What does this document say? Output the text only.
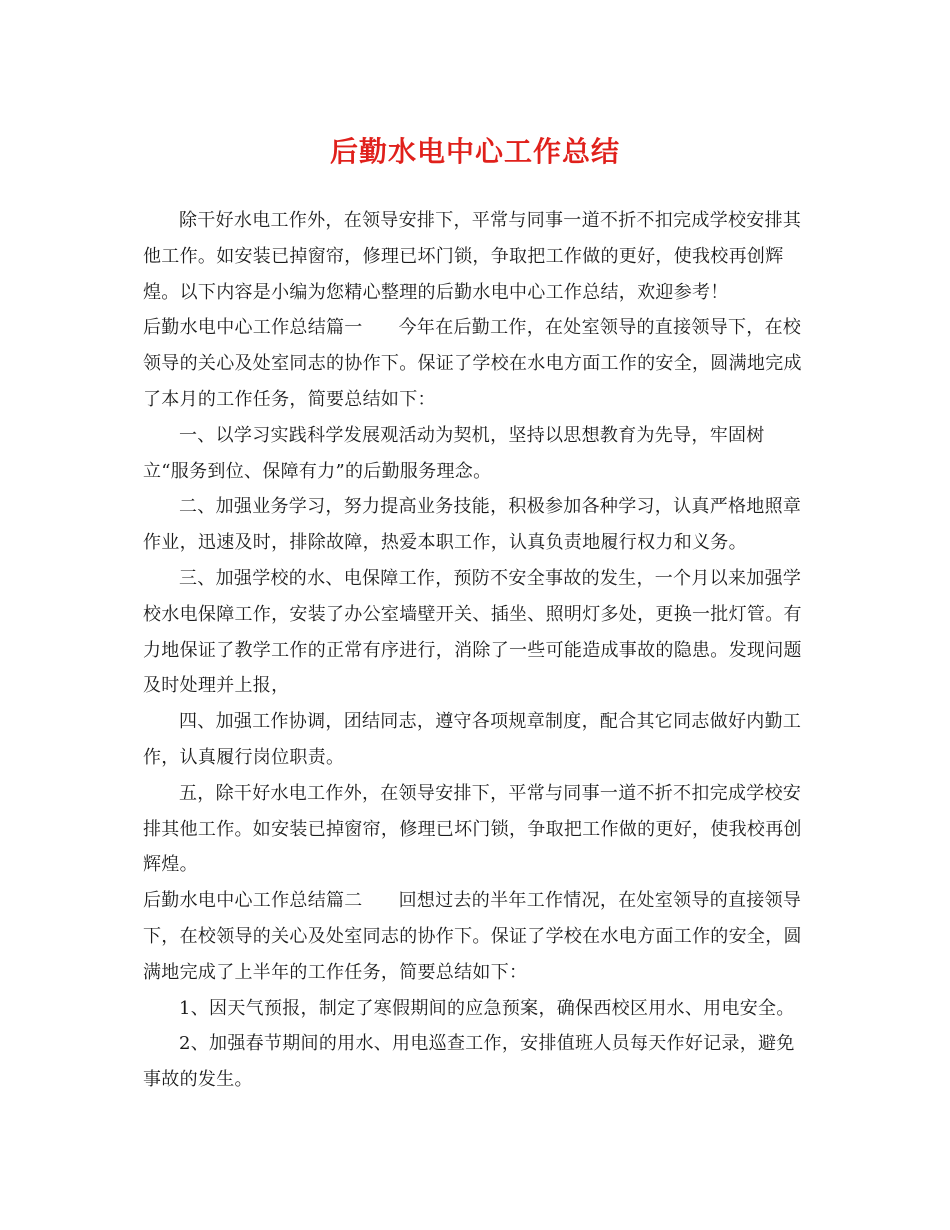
后勤水电中心工作总结

除干好水电工作外，在领导安排下，平常与同事一道不折不扣完成学校安排其他工作。如安装已掉窗帘，修理已坏门锁，争取把工作做的更好，使我校再创辉煌。以下内容是小编为您精心整理的后勤水电中心工作总结，欢迎参考！

后勤水电中心工作总结篇一 今年在后勤工作，在处室领导的直接领导下，在校领导的关心及处室同志的协作下。保证了学校在水电方面工作的安全，圆满地完成了本月的工作任务，简要总结如下：

一、以学习实践科学发展观活动为契机，坚持以思想教育为先导，牢固树立“服务到位、保障有力”的后勤服务理念。

二、加强业务学习，努力提高业务技能，积极参加各种学习，认真严格地照章作业，迅速及时，排除故障，热爱本职工作，认真负责地履行权力和义务。

三、加强学校的水、电保障工作，预防不安全事故的发生，一个月以来加强学校水电保障工作，安装了办公室墙壁开关、插坐、照明灯多处，更换一批灯管。有力地保证了教学工作的正常有序进行，消除了一些可能造成事故的隐患。发现问题及时处理并上报，

四、加强工作协调，团结同志，遵守各项规章制度，配合其它同志做好内勤工作，认真履行岗位职责。

五，除干好水电工作外，在领导安排下，平常与同事一道不折不扣完成学校安排其他工作。如安装已掉窗帘，修理已坏门锁，争取把工作做的更好，使我校再创辉煌。

后勤水电中心工作总结篇二 回想过去的半年工作情况，在处室领导的直接领导下，在校领导的关心及处室同志的协作下。保证了学校在水电方面工作的安全，圆满地完成了上半年的工作任务，简要总结如下：

1、因天气预报，制定了寒假期间的应急预案，确保西校区用水、用电安全。

2、加强春节期间的用水、用电巡查工作，安排值班人员每天作好记录，避免事故的发生。
